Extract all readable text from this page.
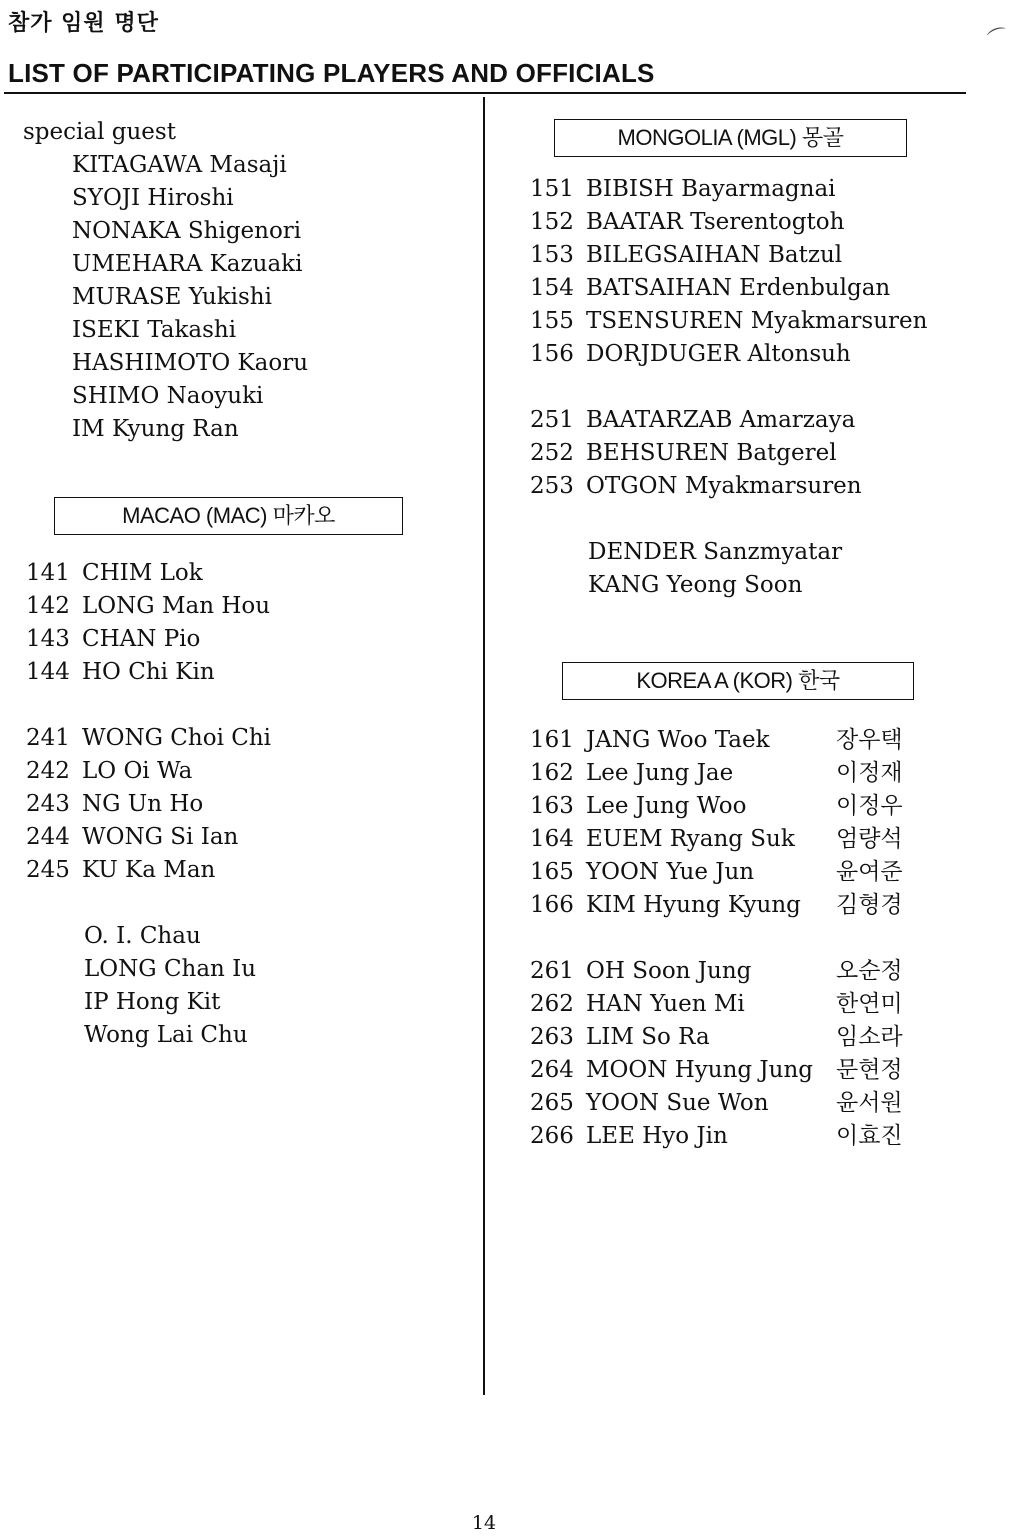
참가 임원 명단
LIST OF PARTICIPATING PLAYERS AND OFFICIALS
⌒
special guest
KITAGAWA Masaji
SYOJI Hiroshi
NONAKA Shigenori
UMEHARA Kazuaki
MURASE Yukishi
ISEKI Takashi
HASHIMOTO Kaoru
SHIMO Naoyuki
IM Kyung Ran
MACAO (MAC) 마카오
141 CHIM Lok
142 LONG Man Hou
143 CHAN Pio
144 HO Chi Kin
241 WONG Choi Chi
242 LO Oi Wa
243 NG Un Ho
244 WONG Si Ian
245 KU Ka Man
O. I. Chau
LONG Chan Iu
IP Hong Kit
Wong Lai Chu
MONGOLIA (MGL) 몽골
151 BIBISH Bayarmagnai
152 BAATAR Tserentogtoh
153 BILEGSAIHAN Batzul
154 BATSAIHAN Erdenbulgan
155 TSENSUREN Myakmarsuren
156 DORJDUGER Altonsuh
251 BAATARZAB Amarzaya
252 BEHSUREN Batgerel
253 OTGON Myakmarsuren
DENDER Sanzmyatar
KANG Yeong Soon
KOREA A (KOR) 한국
161 JANG Woo Taek	장우택
162 Lee Jung Jae	이정재
163 Lee Jung Woo	이정우
164 EUEM Ryang Suk 엄량석
165 YOON Yue Jun	윤여준
166 KIM Hyung Kyung 김형경
261 OH Soon Jung	오순정
262 HAN Yuen Mi	한연미
263 LIM So Ra	임소라
264 MOON Hyung Jung 문현정
265 YOON Sue Won	윤서원
266 LEE Hyo Jin	이효진
14
